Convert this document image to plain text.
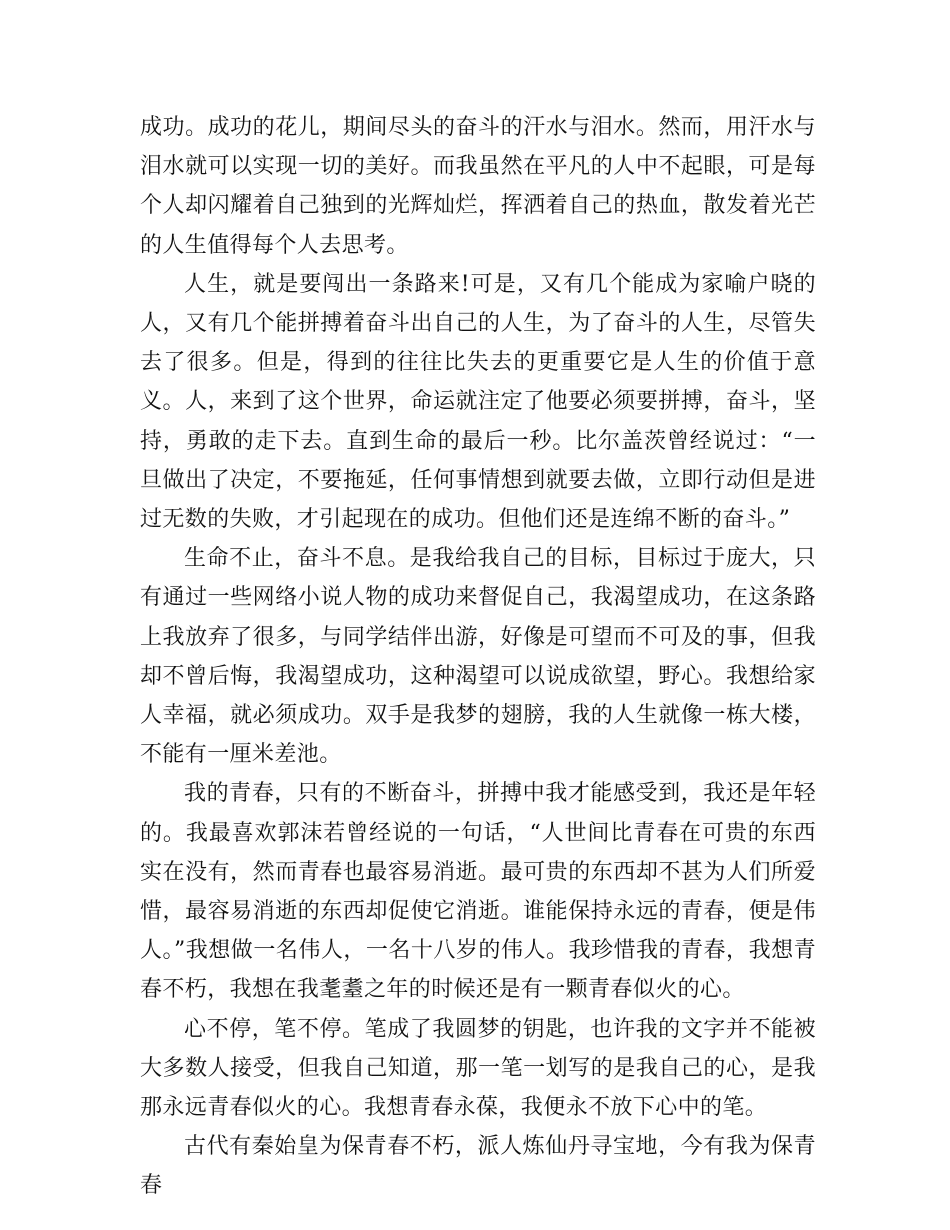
成功。成功的花儿，期间尽头的奋斗的汗水与泪水。然而，用汗水与泪水就可以实现一切的美好。而我虽然在平凡的人中不起眼，可是每个人却闪耀着自己独到的光辉灿烂，挥洒着自己的热血，散发着光芒的人生值得每个人去思考。

人生，就是要闯出一条路来!可是，又有几个能成为家喻户晓的人，又有几个能拼搏着奋斗出自己的人生，为了奋斗的人生，尽管失去了很多。但是，得到的往往比失去的更重要它是人生的价值于意义。人，来到了这个世界，命运就注定了他要必须要拼搏，奋斗，坚持，勇敢的走下去。直到生命的最后一秒。比尔盖茨曾经说过：“一旦做出了决定，不要拖延，任何事情想到就要去做，立即行动但是进过无数的失败，才引起现在的成功。但他们还是连绵不断的奋斗。”

生命不止，奋斗不息。是我给我自己的目标，目标过于庞大，只有通过一些网络小说人物的成功来督促自己，我渴望成功，在这条路上我放弃了很多，与同学结伴出游，好像是可望而不可及的事，但我却不曾后悔，我渴望成功，这种渴望可以说成欲望，野心。我想给家人幸福，就必须成功。双手是我梦的翅膀，我的人生就像一栋大楼，不能有一厘米差池。

我的青春，只有的不断奋斗，拼搏中我才能感受到，我还是年轻的。我最喜欢郭沫若曾经说的一句话，“人世间比青春在可贵的东西实在没有，然而青春也最容易消逝。最可贵的东西却不甚为人们所爱惜，最容易消逝的东西却促使它消逝。谁能保持永远的青春，便是伟人。”我想做一名伟人，一名十八岁的伟人。我珍惜我的青春，我想青春不朽，我想在我耄耋之年的时候还是有一颗青春似火的心。

心不停，笔不停。笔成了我圆梦的钥匙，也许我的文字并不能被大多数人接受，但我自己知道，那一笔一划写的是我自己的心，是我那永远青春似火的心。我想青春永葆，我便永不放下心中的笔。

古代有秦始皇为保青春不朽，派人炼仙丹寻宝地，今有我为保青春
